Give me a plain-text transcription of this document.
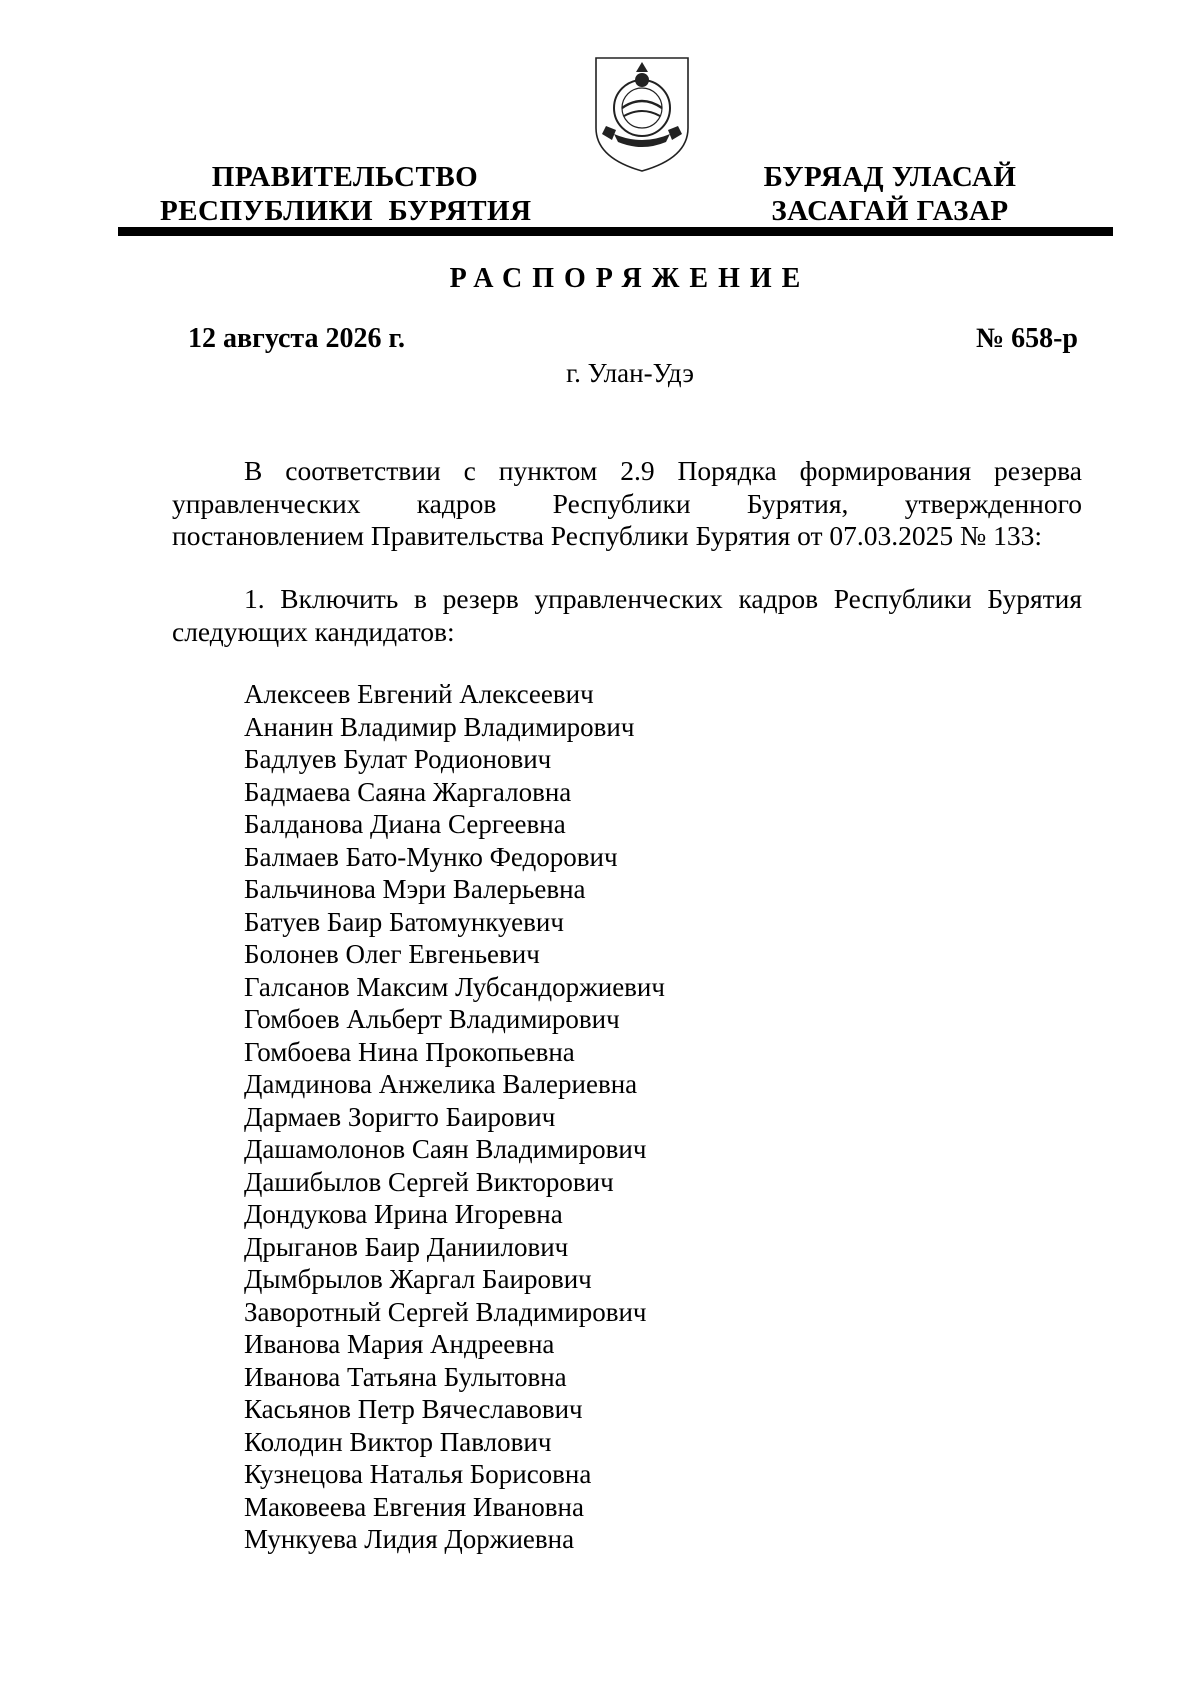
ПРАВИТЕЛЬСТВО
РЕСПУБЛИКИ  БУРЯТИЯ
БУРЯАД УЛАСАЙ
ЗАСАГАЙ ГАЗАР
РАСПОРЯЖЕНИЕ
12 августа 2026 г.	№ 658-р
г. Улан-Удэ
В соответствии с пунктом 2.9 Порядка формирования резерва управленческих кадров Республики Бурятия, утвержденного постановлением Правительства Республики Бурятия от 07.03.2025 № 133:
1. Включить в резерв управленческих кадров Республики Бурятия следующих кандидатов:
Алексеев Евгений Алексеевич
Ананин Владимир Владимирович
Бадлуев Булат Родионович
Бадмаева Саяна Жаргаловна
Балданова Диана Сергеевна
Балмаев Бато-Мунко Федорович
Бальчинова Мэри Валерьевна
Батуев Баир Батомункуевич
Болонев Олег Евгеньевич
Галсанов Максим Лубсандоржиевич
Гомбоев Альберт Владимирович
Гомбоева Нина Прокопьевна
Дамдинова Анжелика Валериевна
Дармаев Зоригто Баирович
Дашамолонов Саян Владимирович
Дашибылов Сергей Викторович
Дондукова Ирина Игоревна
Дрыганов Баир Даниилович
Дымбрылов Жаргал Баирович
Заворотный Сергей Владимирович
Иванова Мария Андреевна
Иванова Татьяна Булытовна
Касьянов Петр Вячеславович
Колодин Виктор Павлович
Кузнецова Наталья Борисовна
Маковеева Евгения Ивановна
Мункуева Лидия Доржиевна
